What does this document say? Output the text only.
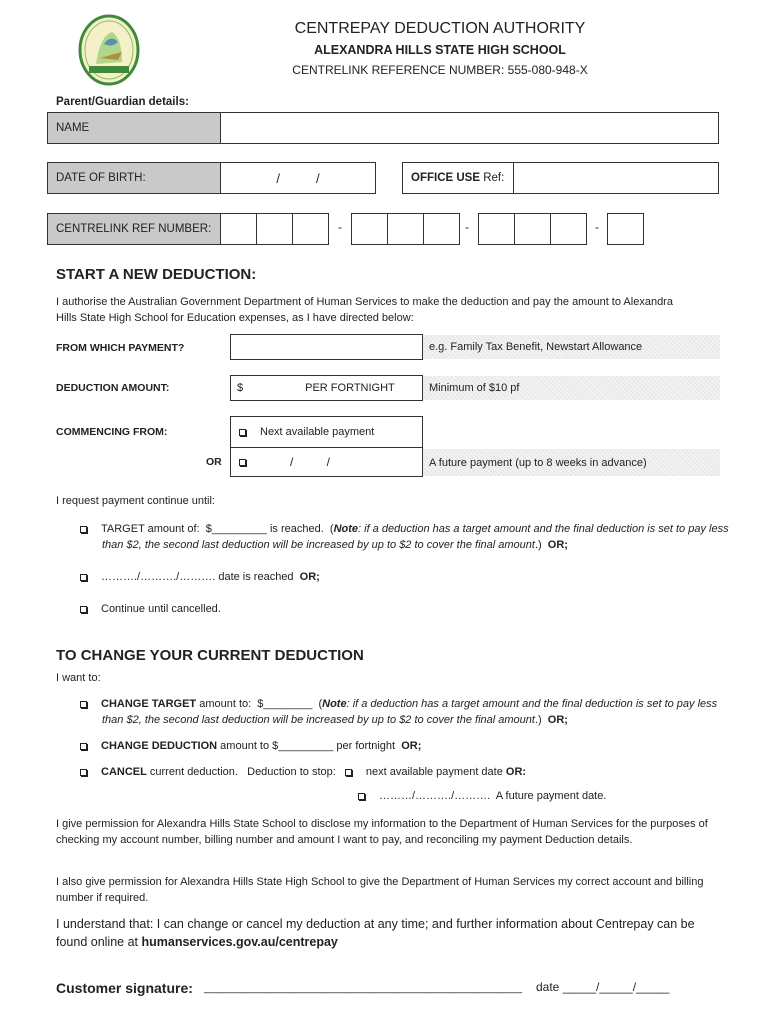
CENTREPAY DEDUCTION AUTHORITY
ALEXANDRA HILLS STATE HIGH SCHOOL
CENTRELINK REFERENCE NUMBER: 555-080-948-X
Parent/Guardian details:
NAME
DATE OF BIRTH:	/          /	OFFICE USE Ref:
CENTRELINK REF NUMBER:	-	-	-
START A NEW DEDUCTION:
I authorise the Australian Government Department of Human Services to make the deduction and pay the amount to Alexandra Hills State High School for Education expenses, as I have directed below:
FROM WHICH PAYMENT?	e.g. Family Tax Benefit, Newstart Allowance
DEDUCTION AMOUNT:	$	PER FORTNIGHT	Minimum of $10 pf
COMMENCING FROM:	Next available payment
OR	/          /	A future payment (up to 8 weeks in advance)
I request payment continue until:
TARGET amount of:  $_________ is reached.  (Note: if a deduction has a target amount and the final deduction is set to pay less than $2, the second last deduction will be increased by up to $2 to cover the final amount.)  OR;
………./………./………. date is reached  OR;
Continue until cancelled.
TO CHANGE YOUR CURRENT DEDUCTION
I want to:
CHANGE TARGET amount to:  $________  (Note: if a deduction has a target amount and the final deduction is set to pay less than $2, the second last deduction will be increased by up to $2 to cover the final amount.)  OR;
CHANGE DEDUCTION amount to $_________ per fortnight  OR;
CANCEL current deduction.   Deduction to stop:	next available payment date OR:
………/………./……….  A future payment date.
I give permission for Alexandra Hills State School to disclose my information to the Department of Human Services for the purposes of checking my account number, billing number and amount I want to pay, and reconciling my payment Deduction details.
I also give permission for Alexandra Hills State High School to give the Department of Human Services my correct account and billing number if required.
I understand that: I can change or cancel my deduction at any time; and further information about Centrepay can be found online at humanservices.gov.au/centrepay
Customer signature: ____________________________________________________ date _____/_____/_____
